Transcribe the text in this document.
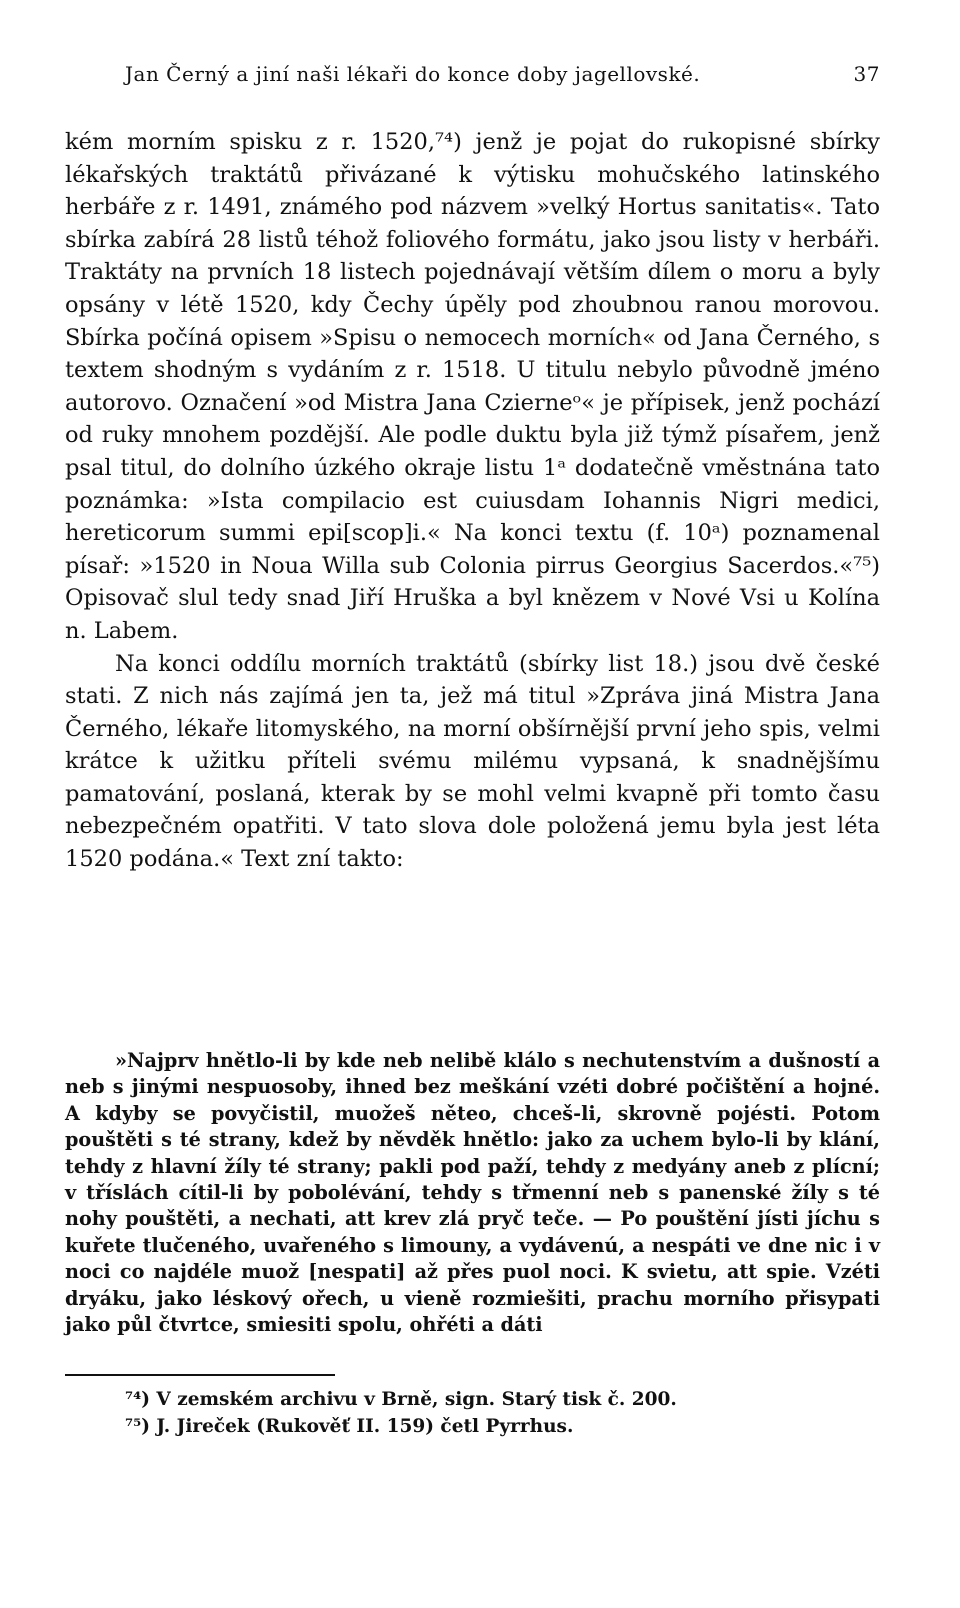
Jan Černý a jiní naši lékaři do konce doby jagellovské.	37

kém morním spisku z r. 1520,⁷⁴) jenž je pojat do rukopisné sbírky lékařských traktátů přivázané k výtisku mohučského latinského herbáře z r. 1491, známého pod názvem »velký Hortus sanitatis«. Tato sbírka zabírá 28 listů téhož foliového formátu, jako jsou listy v herbáři. Traktáty na prvních 18 listech pojednávají větším dílem o moru a byly opsány v létě 1520, kdy Čechy úpěly pod zhoubnou ranou morovou. Sbírka počíná opisem »Spisu o nemocech morních« od Jana Černého, s textem shodným s vydáním z r. 1518. U titulu nebylo původně jméno autorovo. Označení »od Mistra Jana Czierneᵒ« je přípisek, jenž pochází od ruky mnohem pozdější. Ale podle duktu byla již týmž písařem, jenž psal titul, do dolního úzkého okraje listu 1ᵃ dodatečně vměstnána tato poznámka: »Ista compilacio est cuiusdam Iohannis Nigri medici, hereticorum summi epi[scop]i.« Na konci textu (f. 10ᵃ) poznamenal písař: »1520 in Noua Willa sub Colonia pirrus Georgius Sacerdos.«⁷⁵) Opisovač slul tedy snad Jiří Hruška a byl knězem v Nové Vsi u Kolína n. Labem.

Na konci oddílu morních traktátů (sbírky list 18.) jsou dvě české stati. Z nich nás zajímá jen ta, jež má titul »Zpráva jiná Mistra Jana Černého, lékaře litomyského, na morní obšírnější první jeho spis, velmi krátce k užitku příteli svému milému vypsaná, k snadnějšímu pamatování, poslaná, kterak by se mohl velmi kvapně při tomto času nebezpečném opatřiti. V tato slova dole položená jemu byla jest léta 1520 podána.« Text zní takto:

»Najprv hnětlo-li by kde neb nelibě klálo s nechutenstvím a dušností a neb s jinými nespuosoby, ihned bez meškání vzéti dobré počištění a hojné. A kdyby se povyčistil, muožeš něteo, chceš-li, skrovně pojésti. Potom pouštěti s té strany, kdež by něvděk hnětlo: jako za uchem bylo-li by klání, tehdy z hlavní žíly té strany; pakli pod paží, tehdy z medyány aneb z plícní; v tříslách cítil-li by pobolévání, tehdy s třmenní neb s panenské žíly s té nohy pouštěti, a nechati, att krev zlá pryč teče. — Po pouštění jísti jíchu s kuřete tlučeného, uvařeného s limouny, a vydávenú, a nespáti ve dne nic i v noci co najdéle muož [nespati] až přes puol noci. K svietu, att spie. Vzéti dryáku, jako léskový ořech, u vieně rozmiešiti, prachu morního přisypati jako půl čtvrtce, smiesiti spolu, ohřéti a dáti

⁷⁴) V zemském archivu v Brně, sign. Starý tisk č. 200.
⁷⁵) J. Jireček (Rukověť II. 159) četl Pyrrhus.
